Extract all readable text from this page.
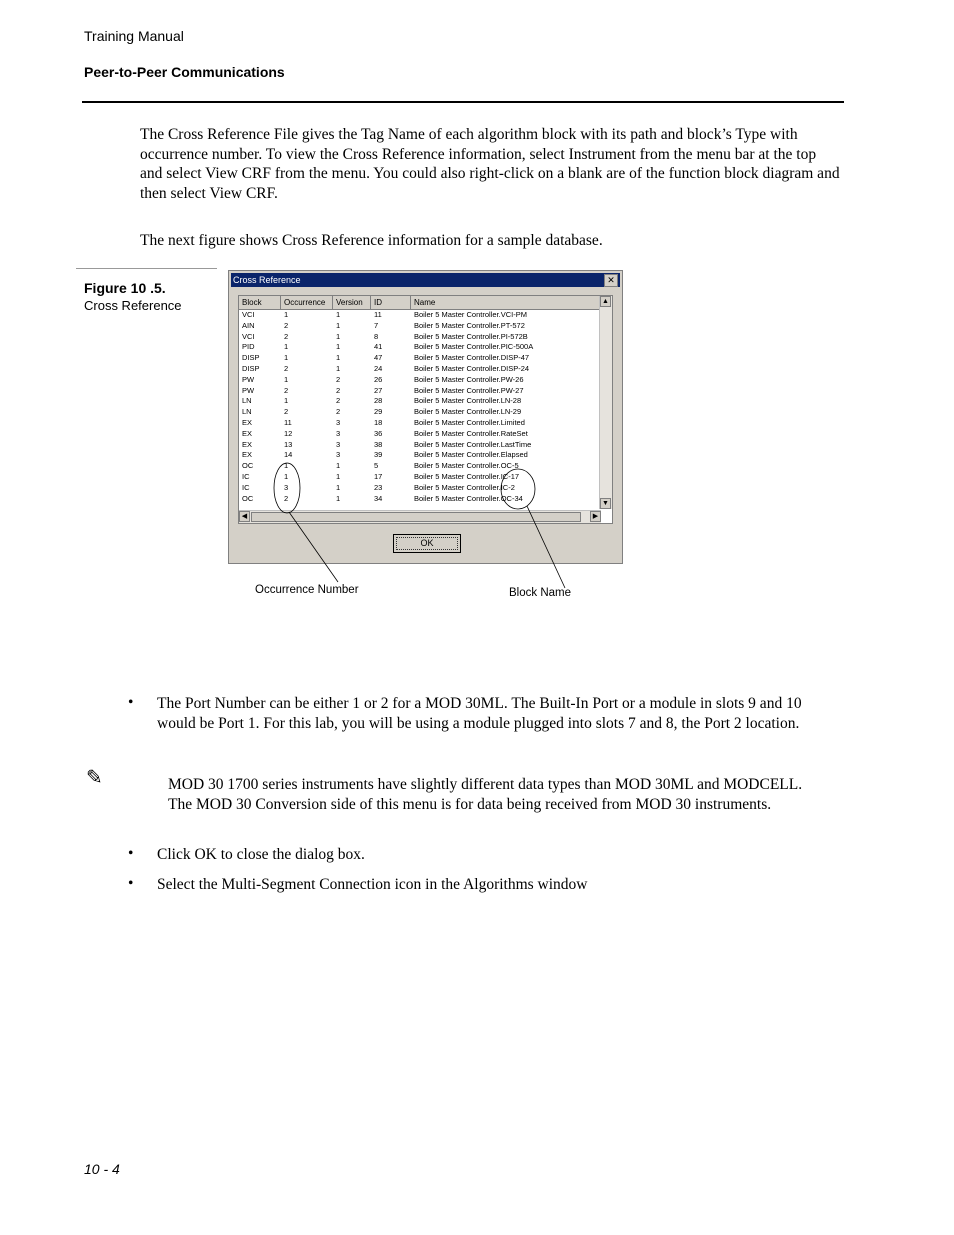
Training Manual
Peer-to-Peer Communications
The Cross Reference File gives the Tag Name of each algorithm block with its path and block’s Type with occurrence number. To view the Cross Reference information, select Instrument from the menu bar at the top and select View CRF from the menu. You could also right-click on a blank are of the function block diagram and then select View CRF.
The next figure shows Cross Reference information for a sample database.
Figure 10 .5.
Cross Reference
Cross Reference	✕
Block	Occurrence	Version	ID	Name
VCI	1	1	11	Boiler 5 Master Controller.VCI-PM
AIN	2	1	7	Boiler 5 Master Controller.PT-572
VCI	2	1	8	Boiler 5 Master Controller.PI-572B
PID	1	1	41	Boiler 5 Master Controller.PIC-500A
DISP	1	1	47	Boiler 5 Master Controller.DISP-47
DISP	2	1	24	Boiler 5 Master Controller.DISP-24
PW	1	2	26	Boiler 5 Master Controller.PW-26
PW	2	2	27	Boiler 5 Master Controller.PW-27
LN	1	2	28	Boiler 5 Master Controller.LN-28
LN	2	2	29	Boiler 5 Master Controller.LN-29
EX	11	3	18	Boiler 5 Master Controller.Limited
EX	12	3	36	Boiler 5 Master Controller.RateSet
EX	13	3	38	Boiler 5 Master Controller.LastTime
EX	14	3	39	Boiler 5 Master Controller.Elapsed
OC	1	1	5	Boiler 5 Master Controller.OC-5
IC	1	1	17	Boiler 5 Master Controller.IC-17
IC	3	1	23	Boiler 5 Master Controller.IC-2
OC	2	1	34	Boiler 5 Master Controller.OC-34
▲
▼
◀	▶
OK
Occurrence Number	Block Name
• The Port Number can be either 1 or 2 for a MOD 30ML. The Built-In Port or a module in slots 9 and 10 would be Port 1. For this lab, you will be using a module plugged into slots 7 and 8, the Port 2 location.
✎	MOD 30 1700 series instruments have slightly different data types than MOD 30ML and MODCELL. The MOD 30 Conversion side of this menu is for data being received from MOD 30 instruments.
• Click OK to close the dialog box.
• Select the Multi-Segment Connection icon in the Algorithms window
10 - 4
